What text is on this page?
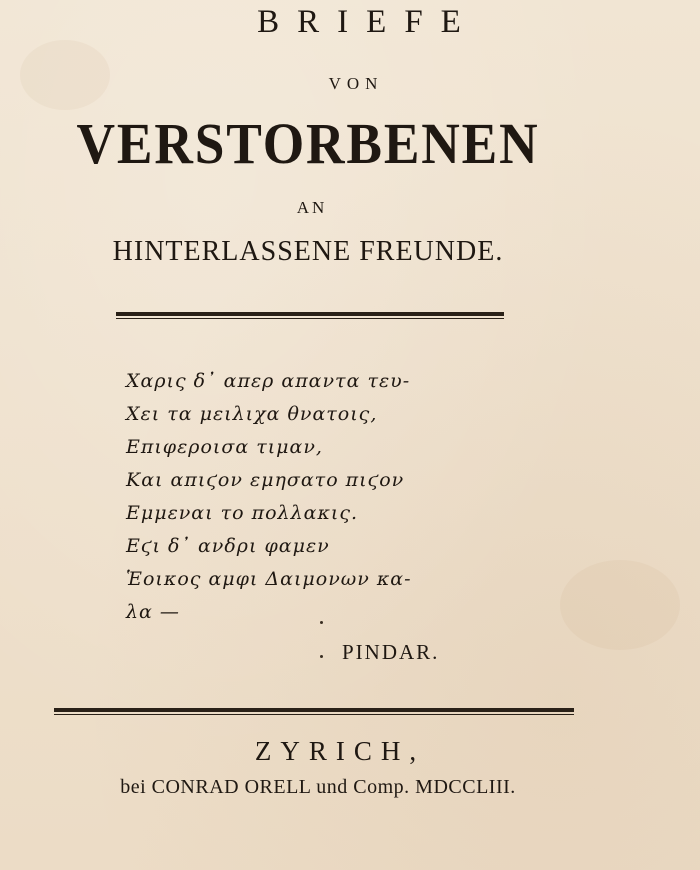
BRIEFE
VON
VERSTORBENEN
AN
HINTERLASSENE FREUNDE.
Χαρις δ᾽ απερ απαντα τευ-
Χει τα μειλιχα θνατοις,
Επιφεροισα τιμαν,
Και απιϛον εμησατο πιϛον
Εμμεναι το πολλακις.
Εϛι δ᾽ ανδρι φαμεν
Ἑοικος αμφι Δαιμονων κα-
λα —
PINDAR.
ZYRICH,
bei CONRAD ORELL und Comp. MDCCLIII.
